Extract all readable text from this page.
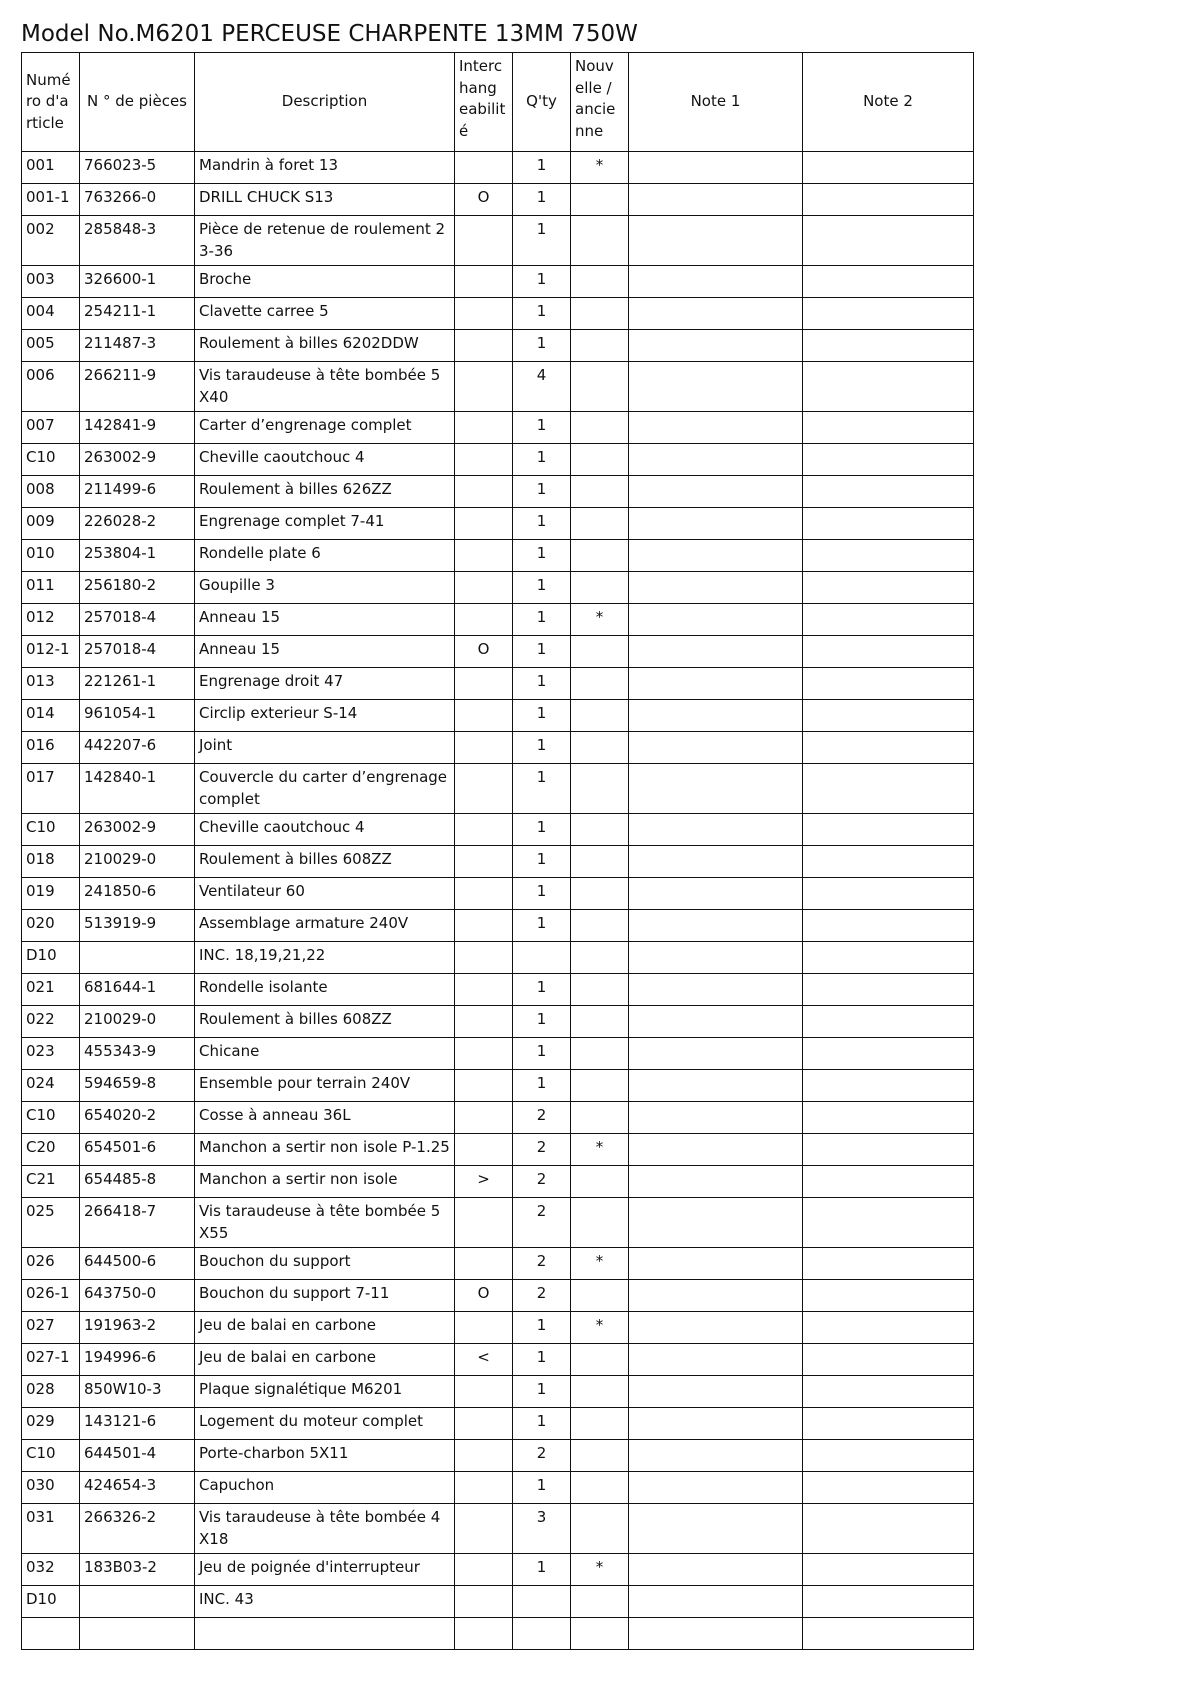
Model No.M6201 PERCEUSE CHARPENTE 13MM 750W
Numé ro d'a rticle	N ° de pièces	Description	Interc hang eabilit é	Q'ty	Nouv elle / ancie nne	Note 1	Note 2
001	766023-5	Mandrin à foret 13		1	*		
001-1	763266-0	DRILL CHUCK S13	O	1			
002	285848-3	Pièce de retenue de roulement 23-36		1			
003	326600-1	Broche		1			
004	254211-1	Clavette carree 5		1			
005	211487-3	Roulement à billes 6202DDW		1			
006	266211-9	Vis taraudeuse à tête bombée 5X40		4			
007	142841-9	Carter d’engrenage complet		1			
C10	263002-9	Cheville caoutchouc 4		1			
008	211499-6	Roulement à billes 626ZZ		1			
009	226028-2	Engrenage complet 7-41		1			
010	253804-1	Rondelle plate 6		1			
011	256180-2	Goupille 3		1			
012	257018-4	Anneau 15		1	*		
012-1	257018-4	Anneau 15	O	1			
013	221261-1	Engrenage droit 47		1			
014	961054-1	Circlip exterieur S-14		1			
016	442207-6	Joint		1			
017	142840-1	Couvercle du carter d’engrenage complet		1			
C10	263002-9	Cheville caoutchouc 4		1			
018	210029-0	Roulement à billes 608ZZ		1			
019	241850-6	Ventilateur 60		1			
020	513919-9	Assemblage armature 240V		1			
D10		INC. 18,19,21,22					
021	681644-1	Rondelle isolante		1			
022	210029-0	Roulement à billes 608ZZ		1			
023	455343-9	Chicane		1			
024	594659-8	Ensemble pour terrain 240V		1			
C10	654020-2	Cosse à anneau 36L		2			
C20	654501-6	Manchon a sertir non isole P-1.25		2	*		
C21	654485-8	Manchon a sertir non isole	>	2			
025	266418-7	Vis taraudeuse à tête bombée 5X55		2			
026	644500-6	Bouchon du support		2	*		
026-1	643750-0	Bouchon du support 7-11	O	2			
027	191963-2	Jeu de balai en carbone		1	*		
027-1	194996-6	Jeu de balai en carbone	<	1			
028	850W10-3	Plaque signalétique M6201		1			
029	143121-6	Logement du moteur complet		1			
C10	644501-4	Porte-charbon 5X11		2			
030	424654-3	Capuchon		1			
031	266326-2	Vis taraudeuse à tête bombée 4X18		3			
032	183B03-2	Jeu de poignée d'interrupteur		1	*		
D10		INC. 43					
